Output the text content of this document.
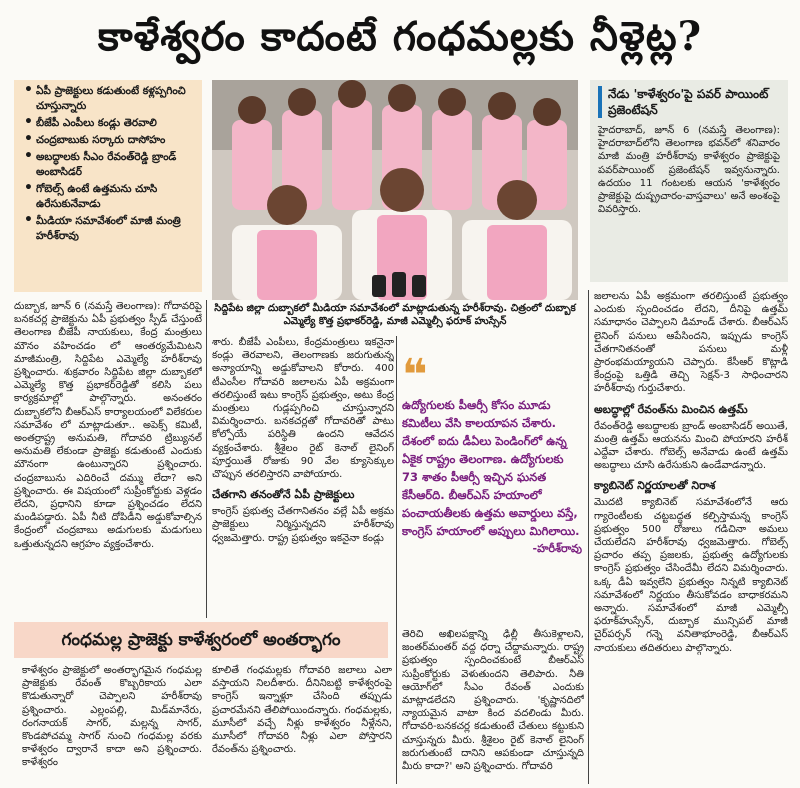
కాళేశ్వరం కాదంటే గంధమల్లకు నీళ్లెట్ల?
• ఏపీ ప్రాజెక్టులు కడుతుంటే కళ్లప్పగించి చూస్తున్నారు
• బీజేపీ ఎంపీలు కండ్లు తెరవాలి
• చంద్రబాబుకు సర్కారు దాసోహం
• అబద్ధాలకు సీఎం రేవంత్‌రెడ్డి బ్రాండ్ అంబాసిడర్
• గోబెల్స్ ఉంటే ఉత్తమను చూసి ఉరేసుకునేవాడు
• మీడియా సమావేశంలో మాజీ మంత్రి హరీశ్‌రావు
సిద్దిపేట జిల్లా దుబ్బాకలో మీడియా సమావేశంలో మాట్లాడుతున్న హరీశ్‌రావు. చిత్రంలో దుబ్బాక ఎమ్మెల్యే కొత్త ప్రభాకర్‌రెడ్డి, మాజీ ఎమ్మెల్సీ ఫరూక్ హుస్సేన్
నేడు 'కాళేశ్వరం'పై పవర్ పాయింట్ ప్రజెంటేషన్
హైదరాబాద్, జూన్ 6 (నమస్తే తెలంగాణ): హైదరాబాద్‌లోని తెలంగాణ భవన్‌లో శనివారం మాజీ మంత్రి హరీశ్‌రావు కాళేశ్వరం ప్రాజెక్టుపై పవర్‌పాయింట్ ప్రజెంటేషన్ ఇవ్వనున్నారు. ఉదయం 11 గంటలకు ఆయన 'కాళేశ్వరం ప్రాజెక్టుపై దుష్ప్రచారం-వాస్తవాలు' అనే అంశంపై వివరిస్తారు.
దుబ్బాక, జూన్ 6 (నమస్తే తెలంగాణ): గోదావరిపై బనకచర్ల ప్రాజెక్టును ఏపీ ప్రభుత్వం స్పీడ్ చేస్తుంటే తెలంగాణ బీజేపీ నాయకులు, కేంద్ర మంత్రులు మౌనం వహించడం లో ఆంతర్యమేమిటని మాజీమంత్రి, సిద్దిపేట ఎమ్మెల్యే హరీశ్‌రావు ప్రశ్నించారు. శుక్రవారం సిద్దిపేట జిల్లా దుబ్బాకలో ఎమ్మెల్యే కొత్త ప్రభాకర్‌రెడ్డితో కలిసి పలు కార్యక్రమాల్లో పాల్గొన్నారు. అనంతరం దుబ్బాకలోని బీఆర్ఎస్ కార్యాలయంలో విలేకరుల సమావేశం లో మాట్లాడుతూ.. అపెక్స్ కమిటీ, అంతర్రాష్ట్ర అనుమతి, గోదావరి ట్రిబ్యునల్ అనుమతి లేకుండా ప్రాజెక్టు కడుతుంటే ఎందుకు మౌనంగా ఉంటున్నారని ప్రశ్నించారు. చంద్రబాబును ఎదిరించే దమ్ము లేదా? అని ప్రశ్నించారు. ఈ విషయంలో సుప్రీంకోర్టుకు వెళ్లడం లేదని, ప్రధానిని కూడా ప్రశ్నించడం లేదని మండిపడ్డారు. ఏపీ నీటి దోపిడీని అడ్డుకోవాల్సిన కేంద్రంలో చంద్రబాబు అడుగులకు మడుగులు ఒత్తుతున్నదని ఆగ్రహం వ్యక్తంచేశారు.
శారు. బీజేపీ ఎంపీలు, కేంద్రమంత్రులు ఇకనైనా కండ్లు తెరవాలని, తెలంగాణకు జరుగుతున్న అన్యాయాన్ని అడ్డుకోవాలని కోరారు. 400 టీఎంసీల గోదావరి జలాలను ఏపీ అక్రమంగా తరలిస్తుంటే ఇటు కాంగ్రెస్ ప్రభుత్వం, అటు కేంద్ర మంత్రులు గుడ్లప్పగించి చూస్తున్నారని విమర్శించారు. బనకచర్లతో గోదావరితో పాటు కోల్పోయే పరిస్థితి ఉందని ఆవేదన వ్యక్తంచేశారు. శ్రీశైలం రైట్ కెనాల్ లైనింగ్ పూర్తయితే రోజుకు 90 వేల క్యూసెక్కుల చొప్పున తరలిస్తారని వాపోయారు.
చేతగాని తనంతోనే ఏపీ ప్రాజెక్టులు
కాంగ్రెస్ ప్రభుత్వ చేతగానితనం వల్లే ఏపీ అక్రమ ప్రాజెక్టులు నిర్మిస్తున్నదని హరీశ్‌రావు ధ్వజమెత్తారు. రాష్ట్ర ప్రభుత్వం ఇకనైనా కండ్లు
❝
ఉద్యోగులకు పీఆర్సీ కోసం మూడు కమిటీలు వేసి కాలయాపన చేశారు. దేశంలో ఐదు డీఏలు పెండింగ్‌లో ఉన్న ఏకైక రాష్ట్రం తెలంగాణ. ఉద్యోగులకు 73 శాతం పీఆర్సీ ఇచ్చిన ఘనత కేసీఆర్‌ది. బీఆర్ఎస్ హయాంలో పంచాయతీలకు ఉత్తమ అవార్డులు వస్తే, కాంగ్రెస్ హయాంలో అప్పులు మిగిలాయి.
-హరీశ్‌రావు
తెరిచి అఖిలపక్షాన్ని ఢిల్లీ తీసుకెళ్లాలని, జంతర్‌మంతర్ వద్ద ధర్నా చేద్దామన్నారు. రాష్ట్ర ప్రభుత్వం స్పందించకుంటే బీఆర్ఎస్ సుప్రీంకోర్టుకు వెళుతుందని తెలిపారు. నీతి ఆయోగ్‌లో సీఎం రేవంత్ ఎందుకు మాట్లాడలేదని ప్రశ్నించారు. 'కృష్ణానదిలో న్యాయమైన వాటా కింద వదలిండు మీరు. గోదావరి-బనకచర్ల కడుతుంటే చేతులు కట్టుకుని చూస్తున్నరు మీరు. శ్రీశైలం రైట్ కెనాల్ లైనింగ్ జరుగుతుంటే దానిని ఆపకుండా చూస్తున్నది మీరు కాదా?' అని ప్రశ్నించారు. గోదావరి
జలాలను ఏపీ అక్రమంగా తరలిస్తుంటే ప్రభుత్వం ఎందుకు స్పందించడం లేదని, దీనిపై ఉత్తమ్ సమాధానం చెప్పాలని డిమాండ్ చేశారు. బీఆర్ఎస్ లైనింగ్ పనులు ఆపేసిందని, ఇప్పుడు కాంగ్రెస్ చేతగానితనంతో పనులు మళ్లీ ప్రారంభమయ్యాయని చెప్పారు. కేసీఆర్ కొట్లాడి కేంద్రంపై ఒత్తిడి తెచ్చి సెక్షన్-3 సాధించారని హరీశ్‌రావు గుర్తుచేశారు.
అబద్ధాల్లో రేవంత్‌ను మించిన ఉత్తమ్
రేవంత్‌రెడ్డి అబద్ధాలకు బ్రాండ్ అంబాసిడర్ అయితే, మంత్రి ఉత్తమ్ ఆయనను మించి పోయారని హరీశ్ ఎద్దేవా చేశారు. గోబెల్స్ అనేవాడు ఉంటే ఉత్తమ్ అబద్ధాలు చూసి ఉరేసుకుని ఉండేవాడన్నారు.
క్యాబినెట్ నిర్ణయాలతో నిరాశ
మొదటి క్యాబినెట్ సమావేశంలోనే ఆరు గ్యారెంటీలకు చట్టబద్ధత కల్పిస్తామన్న కాంగ్రెస్ ప్రభుత్వం 500 రోజులు గడిచినా అమలు చేయలేదని హరీశ్‌రావు ధ్వజమెత్తారు. గోబెల్స్ ప్రచారం తప్ప ప్రజలకు, ప్రభుత్వ ఉద్యోగులకు కాంగ్రెస్ ప్రభుత్వం చేసిందేమీ లేదని విమర్శించారు. ఒక్క డీఏ ఇవ్వలేని ప్రభుత్వం నిన్నటి క్యాబినెట్ సమావేశంలో నిర్ణయం తీసుకోవడం బాధాకరమని అన్నారు. సమావేశంలో మాజీ ఎమ్మెల్సీ ఫరూక్‌హుస్సేన్, దుబ్బాక మున్సిపల్ మాజీ చైర్‌పర్సన్ గన్నె వనితాభూంరెడ్డి, బీఆర్ఎస్ నాయకులు తదితరులు పాల్గొన్నారు.
గంధమల్ల ప్రాజెక్టు కాళేశ్వరంలో అంతర్భాగం
కాళేశ్వరం ప్రాజెక్టులో అంతర్భాగమైన గంధమల్ల ప్రాజెక్టుకు రేవంత్ కొబ్బరికాయ ఎలా కొడుతున్నారో చెప్పాలని హరీశ్‌రావు ప్రశ్నించారు. ఎల్లంపల్లి, మిడ్‌మానేరు, రంగనాయక్ సాగర్, మల్లన్న సాగర్, కొండపోచమ్మ సాగర్ నుంచి గంధమల్ల వరకు కాళేశ్వరం ద్వారానే కాదా అని ప్రశ్నించారు. కాళేశ్వరం
కూలితే గంధమల్లకు గోదావరి జలాలు ఎలా వస్తాయని నిలదీశారు. దీనినిబట్టి కాళేశ్వరంపై కాంగ్రెస్ ఇన్నాళ్లూ చేసింది తప్పుడు ప్రచారమేనని తేలిపోయిందన్నారు. గంధమల్లకు, మూసీలో వచ్చే నీళ్లు కాళేశ్వరం నీళ్లేనని, మూసీలో గోదావరి నీళ్లు ఎలా పోస్తారని రేవంత్‌ను ప్రశ్నించారు.
